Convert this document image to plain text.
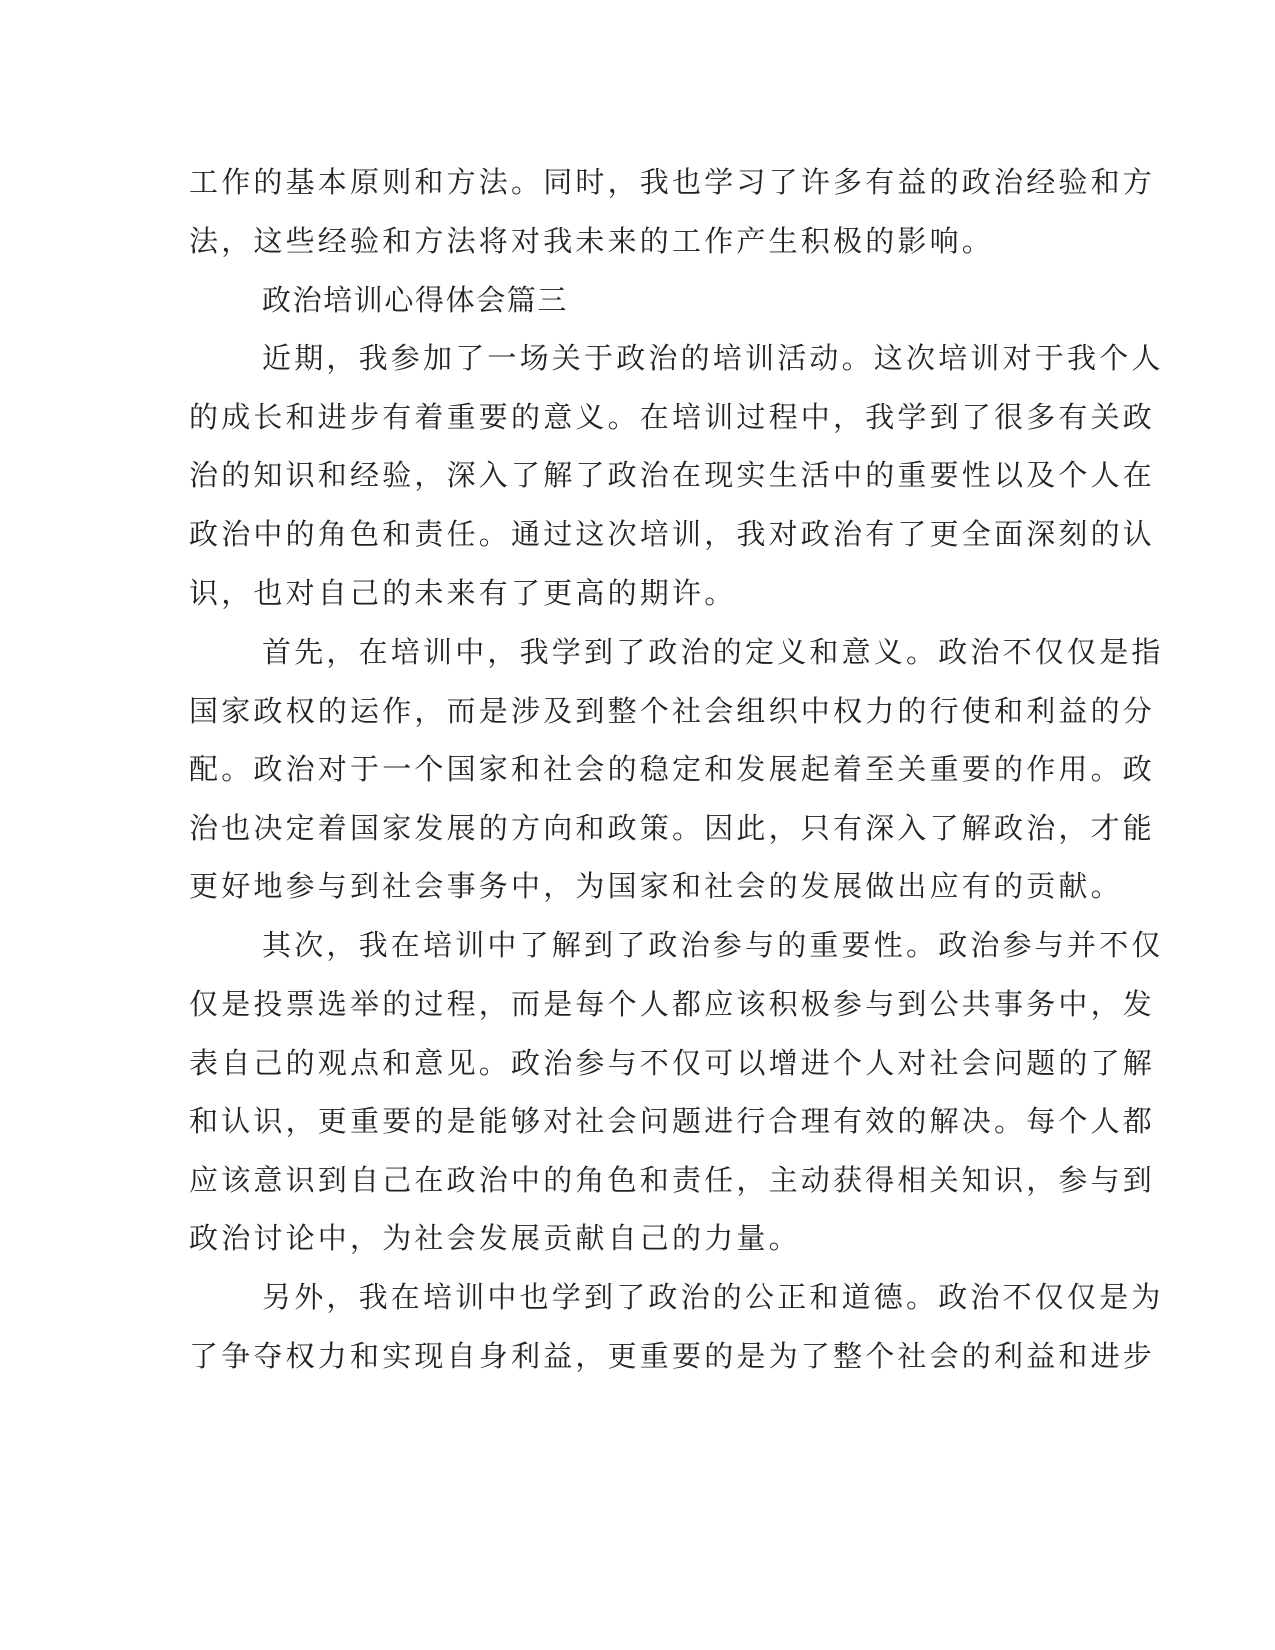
工作的基本原则和方法。同时，我也学习了许多有益的政治经验和方
法，这些经验和方法将对我未来的工作产生积极的影响。
政治培训心得体会篇三
近期，我参加了一场关于政治的培训活动。这次培训对于我个人
的成长和进步有着重要的意义。在培训过程中，我学到了很多有关政
治的知识和经验，深入了解了政治在现实生活中的重要性以及个人在
政治中的角色和责任。通过这次培训，我对政治有了更全面深刻的认
识，也对自己的未来有了更高的期许。
首先，在培训中，我学到了政治的定义和意义。政治不仅仅是指
国家政权的运作，而是涉及到整个社会组织中权力的行使和利益的分
配。政治对于一个国家和社会的稳定和发展起着至关重要的作用。政
治也决定着国家发展的方向和政策。因此，只有深入了解政治，才能
更好地参与到社会事务中，为国家和社会的发展做出应有的贡献。
其次，我在培训中了解到了政治参与的重要性。政治参与并不仅
仅是投票选举的过程，而是每个人都应该积极参与到公共事务中，发
表自己的观点和意见。政治参与不仅可以增进个人对社会问题的了解
和认识，更重要的是能够对社会问题进行合理有效的解决。每个人都
应该意识到自己在政治中的角色和责任，主动获得相关知识，参与到
政治讨论中，为社会发展贡献自己的力量。
另外，我在培训中也学到了政治的公正和道德。政治不仅仅是为
了争夺权力和实现自身利益，更重要的是为了整个社会的利益和进步
